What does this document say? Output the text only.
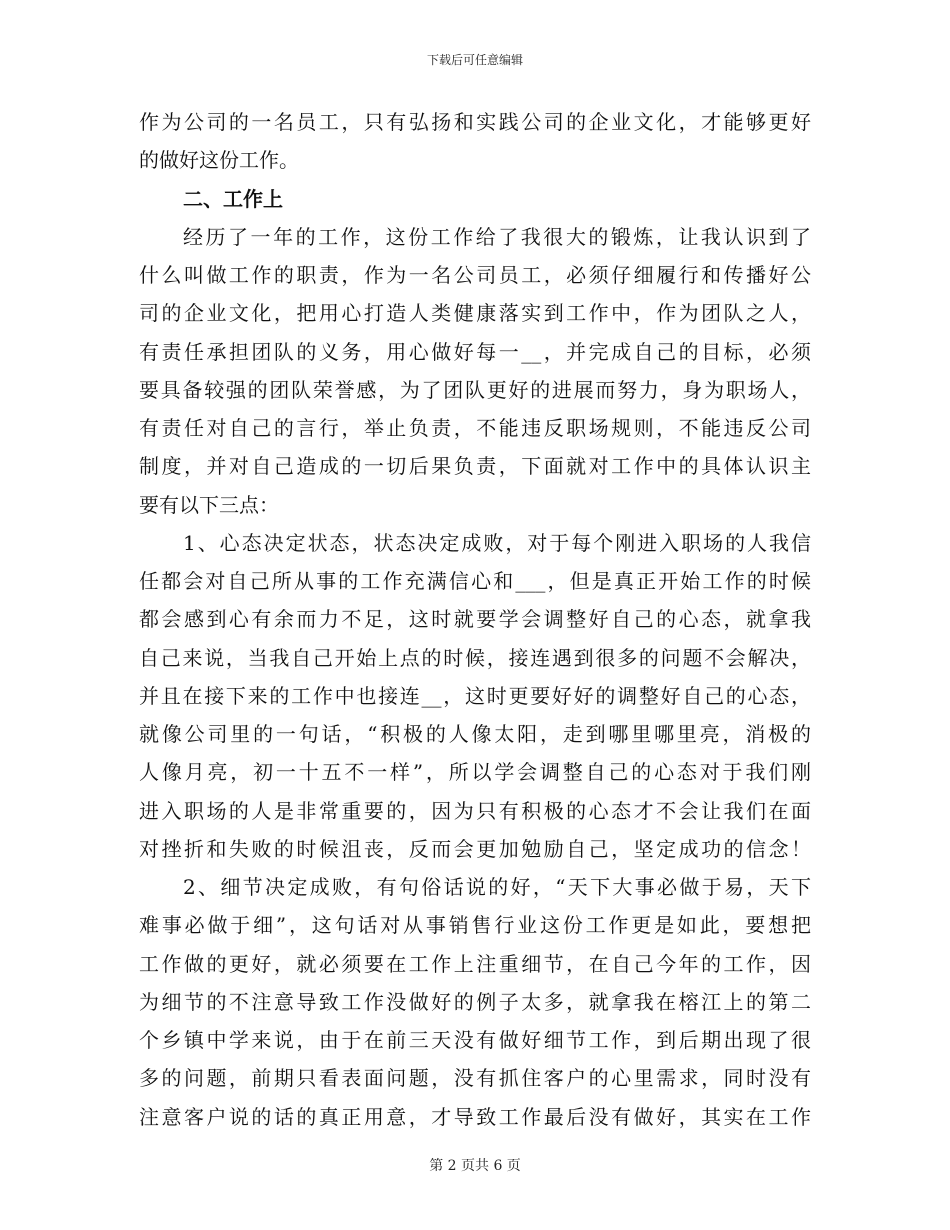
下载后可任意编辑
作为公司的一名员工，只有弘扬和实践公司的企业文化，才能够更好
的做好这份工作。
二、工作上
经历了一年的工作，这份工作给了我很大的锻炼，让我认识到了
什么叫做工作的职责，作为一名公司员工，必须仔细履行和传播好公
司的企业文化，把用心打造人类健康落实到工作中，作为团队之人，
有责任承担团队的义务，用心做好每一__，并完成自己的目标，必须
要具备较强的团队荣誉感，为了团队更好的进展而努力，身为职场人，
有责任对自己的言行，举止负责，不能违反职场规则，不能违反公司
制度，并对自己造成的一切后果负责，下面就对工作中的具体认识主
要有以下三点：
1、心态决定状态，状态决定成败，对于每个刚进入职场的人我信
任都会对自己所从事的工作充满信心和___，但是真正开始工作的时候
都会感到心有余而力不足，这时就要学会调整好自己的心态，就拿我
自己来说，当我自己开始上点的时候，接连遇到很多的问题不会解决，
并且在接下来的工作中也接连__，这时更要好好的调整好自己的心态，
就像公司里的一句话，“积极的人像太阳，走到哪里哪里亮，消极的
人像月亮，初一十五不一样”，所以学会调整自己的心态对于我们刚
进入职场的人是非常重要的，因为只有积极的心态才不会让我们在面
对挫折和失败的时候沮丧，反而会更加勉励自己，坚定成功的信念！
2、细节决定成败，有句俗话说的好，“天下大事必做于易，天下
难事必做于细”，这句话对从事销售行业这份工作更是如此，要想把
工作做的更好，就必须要在工作上注重细节，在自己今年的工作，因
为细节的不注意导致工作没做好的例子太多，就拿我在榕江上的第二
个乡镇中学来说，由于在前三天没有做好细节工作，到后期出现了很
多的问题，前期只看表面问题，没有抓住客户的心里需求，同时没有
注意客户说的话的真正用意，才导致工作最后没有做好，其实在工作
第 2 页共 6 页
